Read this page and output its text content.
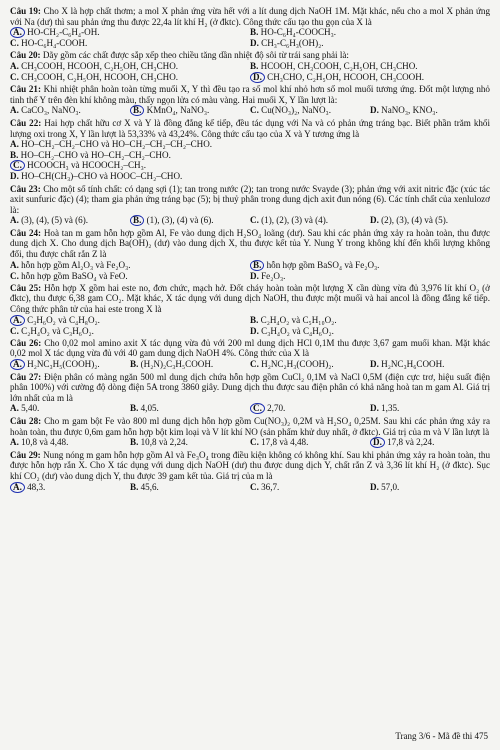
Câu 19: Cho X là hợp chất thơm; a mol X phản ứng vừa hết với a lít dung dịch NaOH 1M. Mặt khác, nếu cho a mol X phản ứng với Na (dư) thì sau phản ứng thu được 22,4a lít khí H₂ (ở đktc). Công thức cấu tạo thu gọn của X là
A. HO-CH₂-C₆H₄-OH.	B. HO-C₆H₄-COOCH₃.
C. HO-C₆H₄-COOH.	D. CH₃-C₆H₃(OH)₂.
Câu 20: Dãy gồm các chất được sắp xếp theo chiều tăng dần nhiệt độ sôi từ trái sang phải là:
A. CH₃COOH, HCOOH, C₂H₅OH, CH₃CHO.	B. HCOOH, CH₃COOH, C₂H₅OH, CH₃CHO.
C. CH₃COOH, C₂H₅OH, HCOOH, CH₃CHO.	D. CH₃CHO, C₂H₅OH, HCOOH, CH₃COOH.
Câu 21: Khi nhiệt phân hoàn toàn từng muối X, Y thì đều tạo ra số mol khí nhỏ hơn số mol muối tương ứng. Đốt một lượng nhỏ tinh thể Y trên đèn khí không màu, thấy ngọn lửa có màu vàng. Hai muối X, Y lần lượt là:
A. CaCO₃, NaNO₃.	B. KMnO₄, NaNO₃.	C. Cu(NO₃)₂, NaNO₃.	D. NaNO₃, KNO₃.
Câu 22: Hai hợp chất hữu cơ X và Y là đồng đẳng kế tiếp, đều tác dụng với Na và có phản ứng tráng bạc. Biết phần trăm khối lượng oxi trong X, Y lần lượt là 53,33% và 43,24%. Công thức cấu tạo của X và Y tương ứng là
A. HO–CH₂–CH₂–CHO và HO–CH₂–CH₂–CH₂–CHO.
B. HO–CH₂–CHO và HO–CH₂–CH₂–CHO.
C. HCOOCH₃ và HCOOCH₂–CH₃.
D. HO–CH(CH₃)–CHO và HOOC–CH₂–CHO.
Câu 23: Cho một số tính chất: có dạng sợi (1); tan trong nước (2); tan trong nước Svayde (3); phản ứng với axit nitric đặc (xúc tác axit sunfuric đặc) (4); tham gia phản ứng tráng bạc (5); bị thuỷ phân trong dung dịch axit đun nóng (6). Các tính chất của xenlulozơ là:
A. (3), (4), (5) và (6).	B. (1), (3), (4) và (6).	C. (1), (2), (3) và (4).	D. (2), (3), (4) và (5).
Câu 24: Hoà tan m gam hỗn hợp gồm Al, Fe vào dung dịch H₂SO₄ loãng (dư). Sau khi các phản ứng xảy ra hoàn toàn, thu được dung dịch X. Cho dung dịch Ba(OH)₂ (dư) vào dung dịch X, thu được kết tủa Y. Nung Y trong không khí đến khối lượng không đổi, thu được chất rắn Z là
A. hỗn hợp gồm Al₂O₃ và Fe₂O₃.	B. hỗn hợp gồm BaSO₄ và Fe₂O₃.
C. hỗn hợp gồm BaSO₄ và FeO.	D. Fe₂O₃.
Câu 25: Hỗn hợp X gồm hai este no, đơn chức, mạch hở. Đốt cháy hoàn toàn một lượng X cần dùng vừa đủ 3,976 lít khí O₂ (ở đktc), thu được 6,38 gam CO₂. Mặt khác, X tác dụng với dung dịch NaOH, thu được một muối và hai ancol là đồng đẳng kế tiếp. Công thức phân tử của hai este trong X là
A. C₃H₆O₂ và C₄H₈O₂.	B. C₂H₄O₂ và C₅H₁₀O₂.
C. C₂H₄O₂ và C₃H₆O₂.	D. C₃H₄O₂ và C₄H₆O₂.
Câu 26: Cho 0,02 mol amino axit X tác dụng vừa đủ với 200 ml dung dịch HCl 0,1M thu được 3,67 gam muối khan. Mặt khác 0,02 mol X tác dụng vừa đủ với 40 gam dung dịch NaOH 4%. Công thức của X là
A. H₂NC₃H₅(COOH)₂.	B. (H₂N)₂C₃H₅COOH.	C. H₂NC₂H₃(COOH)₂.	D. H₂NC₃H₆COOH.
Câu 27: Điện phân có màng ngăn 500 ml dung dịch chứa hỗn hợp gồm CuCl₂ 0,1M và NaCl 0,5M (điện cực trơ, hiệu suất điện phân 100%) với cường độ dòng điện 5A trong 3860 giây. Dung dịch thu được sau điện phân có khả năng hoà tan m gam Al. Giá trị lớn nhất của m là
A. 5,40.	B. 4,05.	C. 2,70.	D. 1,35.
Câu 28: Cho m gam bột Fe vào 800 ml dung dịch hỗn hợp gồm Cu(NO₃)₂ 0,2M và H₂SO₄ 0,25M. Sau khi các phản ứng xảy ra hoàn toàn, thu được 0,6m gam hỗn hợp bột kim loại và V lít khí NO (sản phẩm khử duy nhất, ở đktc). Giá trị của m và V lần lượt là
A. 10,8 và 4,48.	B. 10,8 và 2,24.	C. 17,8 và 4,48.	D. 17,8 và 2,24.
Câu 29: Nung nóng m gam hỗn hợp gồm Al và Fe₃O₄ trong điều kiện không có không khí. Sau khi phản ứng xảy ra hoàn toàn, thu được hỗn hợp rắn X. Cho X tác dụng với dung dịch NaOH (dư) thu được dung dịch Y, chất rắn Z và 3,36 lít khí H₂ (ở đktc). Sục khí CO₂ (dư) vào dung dịch Y, thu được 39 gam kết tủa. Giá trị của m là
A. 48,3.	B. 45,6.	C. 36,7.	D. 57,0.
Trang 3/6 - Mã đề thi 475
